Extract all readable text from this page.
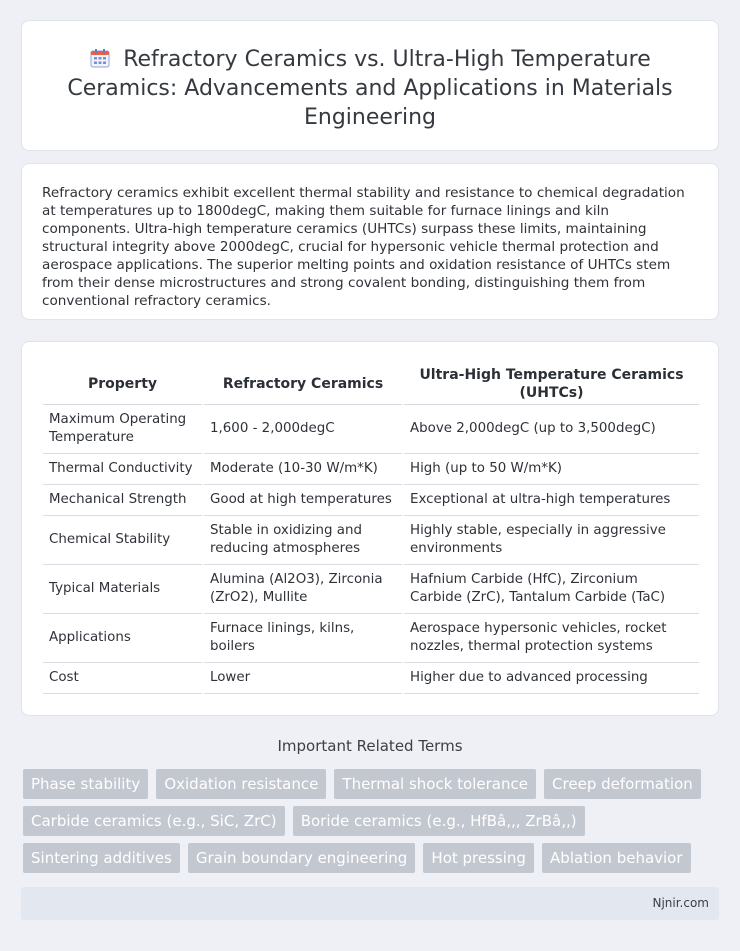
Refractory Ceramics vs. Ultra-High Temperature Ceramics: Advancements and Applications in Materials Engineering

Refractory ceramics exhibit excellent thermal stability and resistance to chemical degradation at temperatures up to 1800degC, making them suitable for furnace linings and kiln components. Ultra-high temperature ceramics (UHTCs) surpass these limits, maintaining structural integrity above 2000degC, crucial for hypersonic vehicle thermal protection and aerospace applications. The superior melting points and oxidation resistance of UHTCs stem from their dense microstructures and strong covalent bonding, distinguishing them from conventional refractory ceramics.

Property	Refractory Ceramics	Ultra-High Temperature Ceramics (UHTCs)
Maximum Operating Temperature	1,600 - 2,000degC	Above 2,000degC (up to 3,500degC)
Thermal Conductivity	Moderate (10-30 W/m*K)	High (up to 50 W/m*K)
Mechanical Strength	Good at high temperatures	Exceptional at ultra-high temperatures
Chemical Stability	Stable in oxidizing and reducing atmospheres	Highly stable, especially in aggressive environments
Typical Materials	Alumina (Al2O3), Zirconia (ZrO2), Mullite	Hafnium Carbide (HfC), Zirconium Carbide (ZrC), Tantalum Carbide (TaC)
Applications	Furnace linings, kilns, boilers	Aerospace hypersonic vehicles, rocket nozzles, thermal protection systems
Cost	Lower	Higher due to advanced processing
Important Related Terms
Phase stability Oxidation resistance Thermal shock tolerance Creep deformation Carbide ceramics (e.g., SiC, ZrC) Boride ceramics (e.g., HfBâ‚‚, ZrBâ‚‚) Sintering additives Grain boundary engineering Hot pressing Ablation behavior
Njnir.com
